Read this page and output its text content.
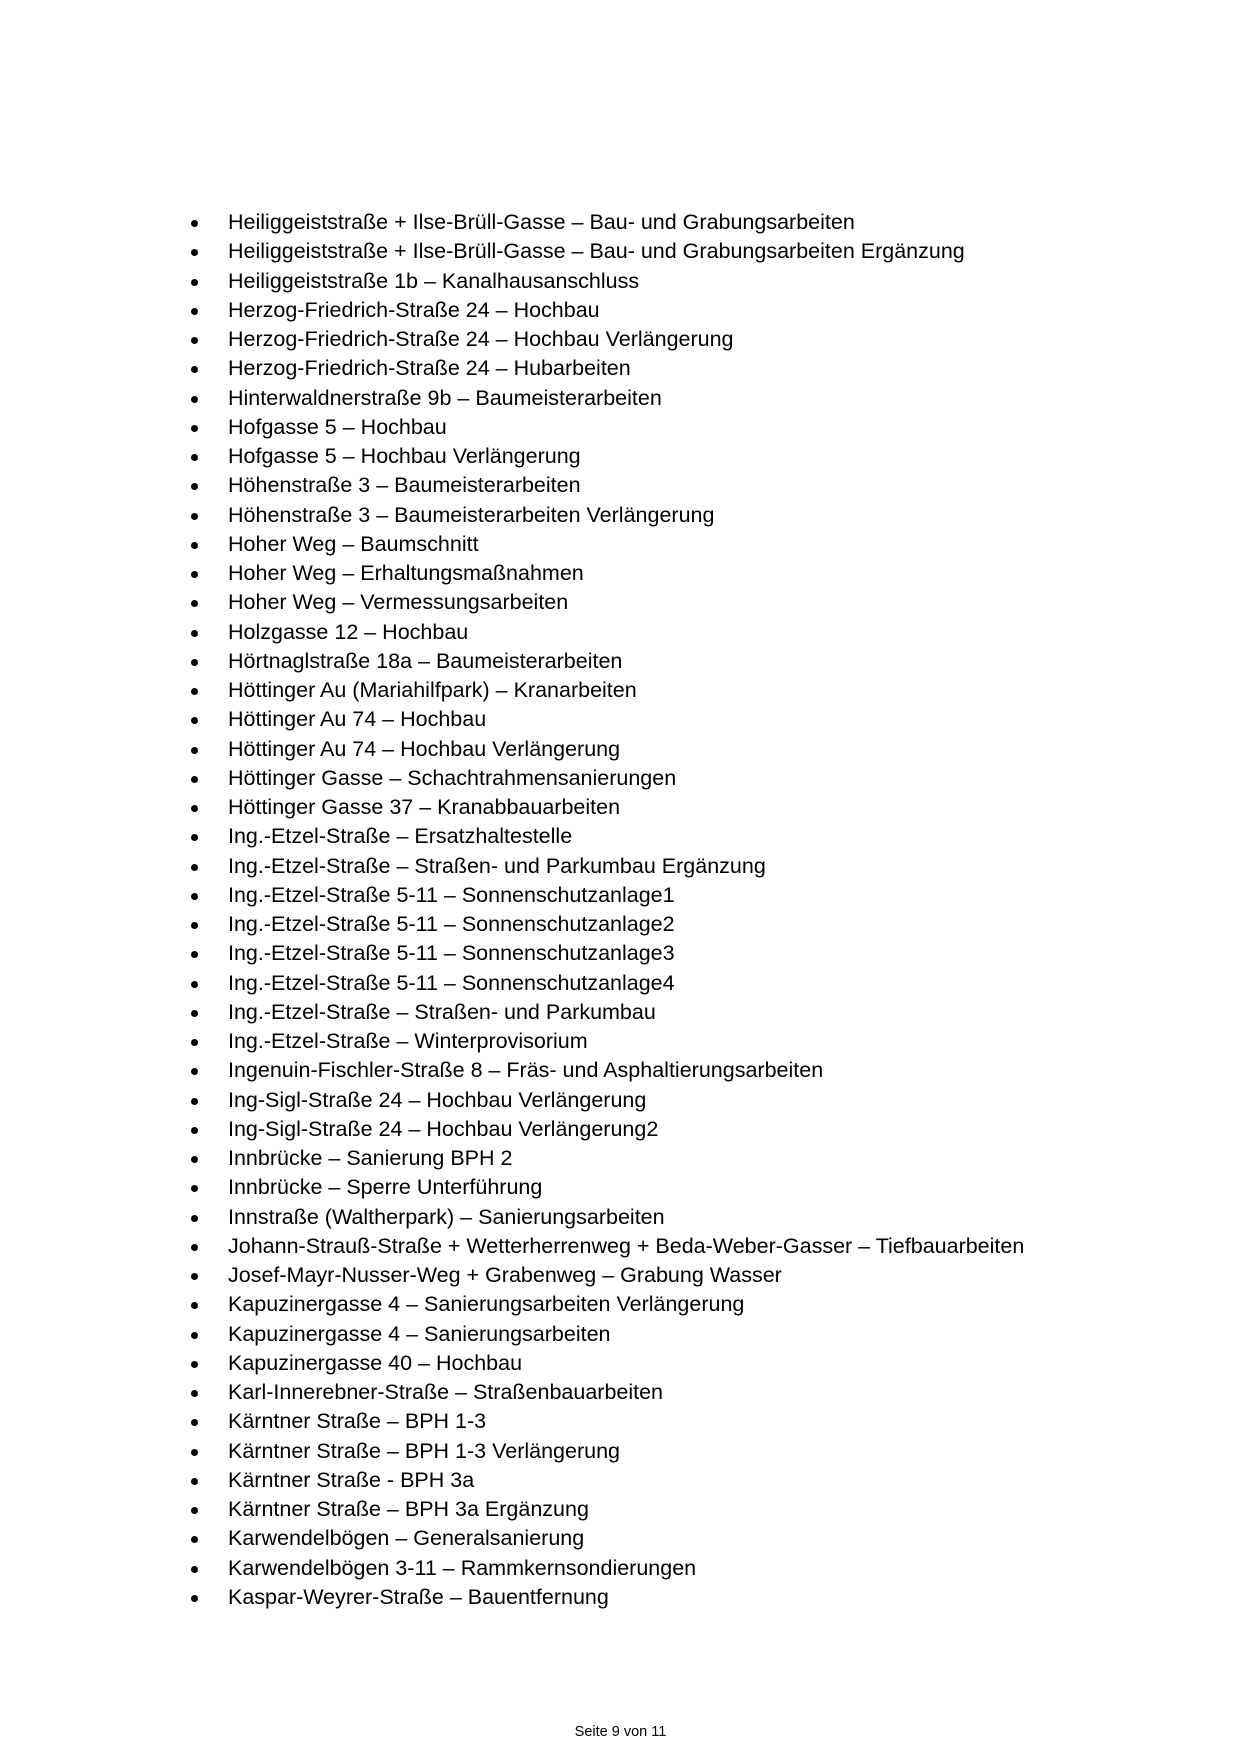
Heiliggeiststraße + Ilse-Brüll-Gasse – Bau- und Grabungsarbeiten
Heiliggeiststraße + Ilse-Brüll-Gasse – Bau- und Grabungsarbeiten Ergänzung
Heiliggeiststraße 1b – Kanalhausanschluss
Herzog-Friedrich-Straße 24 – Hochbau
Herzog-Friedrich-Straße 24 – Hochbau Verlängerung
Herzog-Friedrich-Straße 24 – Hubarbeiten
Hinterwaldnerstraße 9b – Baumeisterarbeiten
Hofgasse 5 – Hochbau
Hofgasse 5 – Hochbau Verlängerung
Höhenstraße 3 – Baumeisterarbeiten
Höhenstraße 3 – Baumeisterarbeiten Verlängerung
Hoher Weg – Baumschnitt
Hoher Weg – Erhaltungsmaßnahmen
Hoher Weg – Vermessungsarbeiten
Holzgasse 12 – Hochbau
Hörtnaglstraße 18a – Baumeisterarbeiten
Höttinger Au (Mariahilfpark) – Kranarbeiten
Höttinger Au 74 – Hochbau
Höttinger Au 74 – Hochbau Verlängerung
Höttinger Gasse – Schachtrahmensanierungen
Höttinger Gasse 37 – Kranabbauarbeiten
Ing.-Etzel-Straße – Ersatzhaltestelle
Ing.-Etzel-Straße – Straßen- und Parkumbau Ergänzung
Ing.-Etzel-Straße 5-11 – Sonnenschutzanlage1
Ing.-Etzel-Straße 5-11 – Sonnenschutzanlage2
Ing.-Etzel-Straße 5-11 – Sonnenschutzanlage3
Ing.-Etzel-Straße 5-11 – Sonnenschutzanlage4
Ing.-Etzel-Straße – Straßen- und Parkumbau
Ing.-Etzel-Straße – Winterprovisorium
Ingenuin-Fischler-Straße 8 – Fräs- und Asphaltierungsarbeiten
Ing-Sigl-Straße 24 – Hochbau Verlängerung
Ing-Sigl-Straße 24 – Hochbau Verlängerung2
Innbrücke – Sanierung BPH 2
Innbrücke – Sperre Unterführung
Innstraße (Waltherpark) – Sanierungsarbeiten
Johann-Strauß-Straße + Wetterherrenweg + Beda-Weber-Gasser – Tiefbauarbeiten
Josef-Mayr-Nusser-Weg + Grabenweg – Grabung Wasser
Kapuzinergasse 4 – Sanierungsarbeiten Verlängerung
Kapuzinergasse 4 – Sanierungsarbeiten
Kapuzinergasse 40 – Hochbau
Karl-Innerebner-Straße – Straßenbauarbeiten
Kärntner Straße – BPH 1-3
Kärntner Straße – BPH 1-3 Verlängerung
Kärntner Straße - BPH 3a
Kärntner Straße – BPH 3a Ergänzung
Karwendelbögen – Generalsanierung
Karwendelbögen 3-11 – Rammkernsondierungen
Kaspar-Weyrer-Straße – Bauentfernung
Seite 9 von 11
